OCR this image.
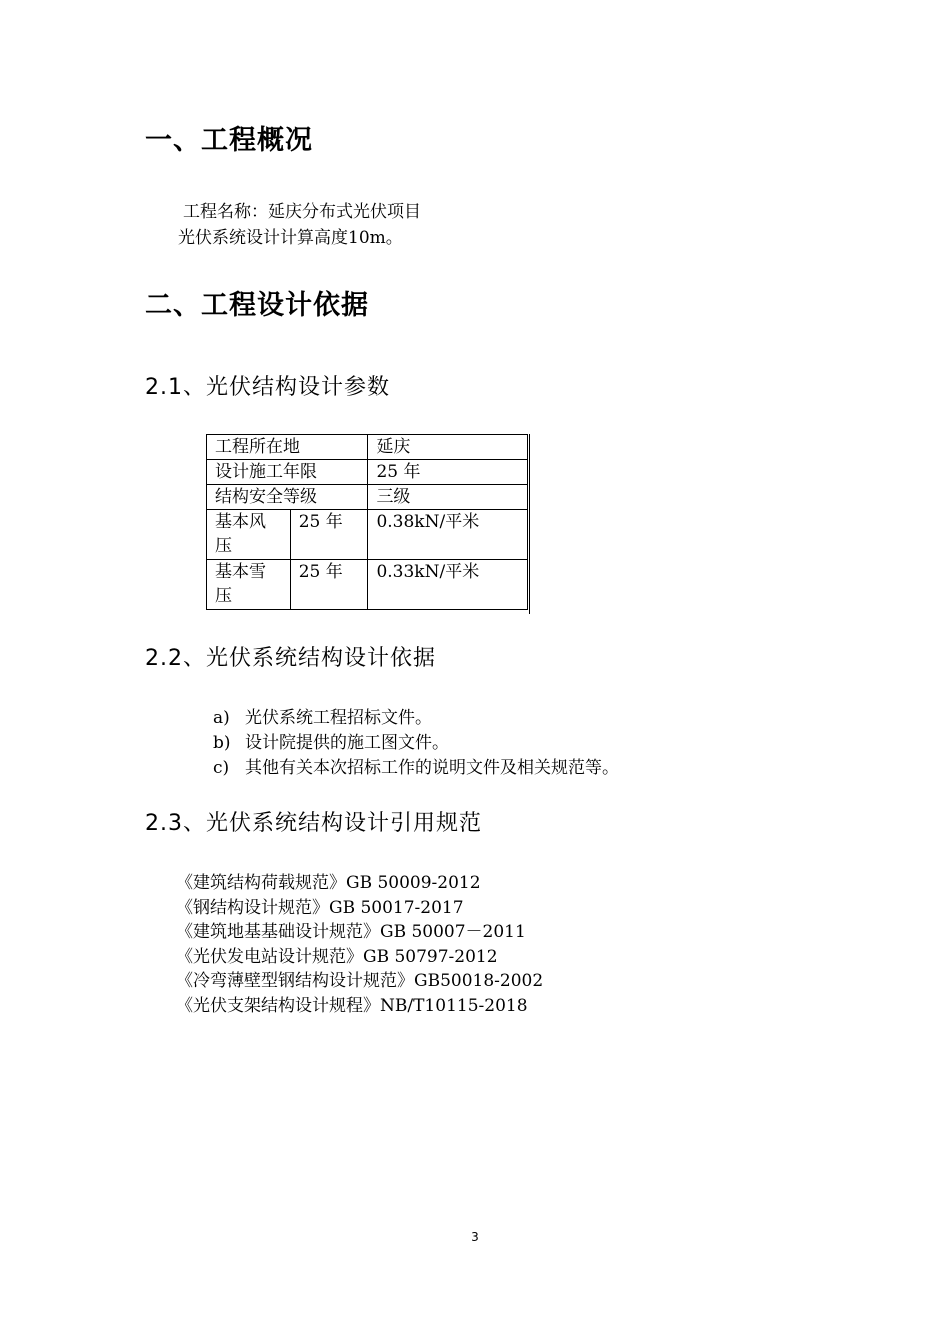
一、工程概况
工程名称：延庆分布式光伏项目
光伏系统设计计算高度10m。
二、工程设计依据
2.1、光伏结构设计参数
工程所在地		延庆
设计施工年限		25 年
结构安全等级		三级
基本风压	25 年	0.38kN/平米
基本雪压	25 年	0.33kN/平米
2.2、光伏系统结构设计依据
a) 光伏系统工程招标文件。
b) 设计院提供的施工图文件。
c) 其他有关本次招标工作的说明文件及相关规范等。
2.3、光伏系统结构设计引用规范
《建筑结构荷载规范》GB 50009-2012
《钢结构设计规范》GB 50017-2017
《建筑地基基础设计规范》GB 50007－2011
《光伏发电站设计规范》GB 50797-2012
《冷弯薄壁型钢结构设计规范》GB50018-2002
《光伏支架结构设计规程》NB/T10115-2018
3
